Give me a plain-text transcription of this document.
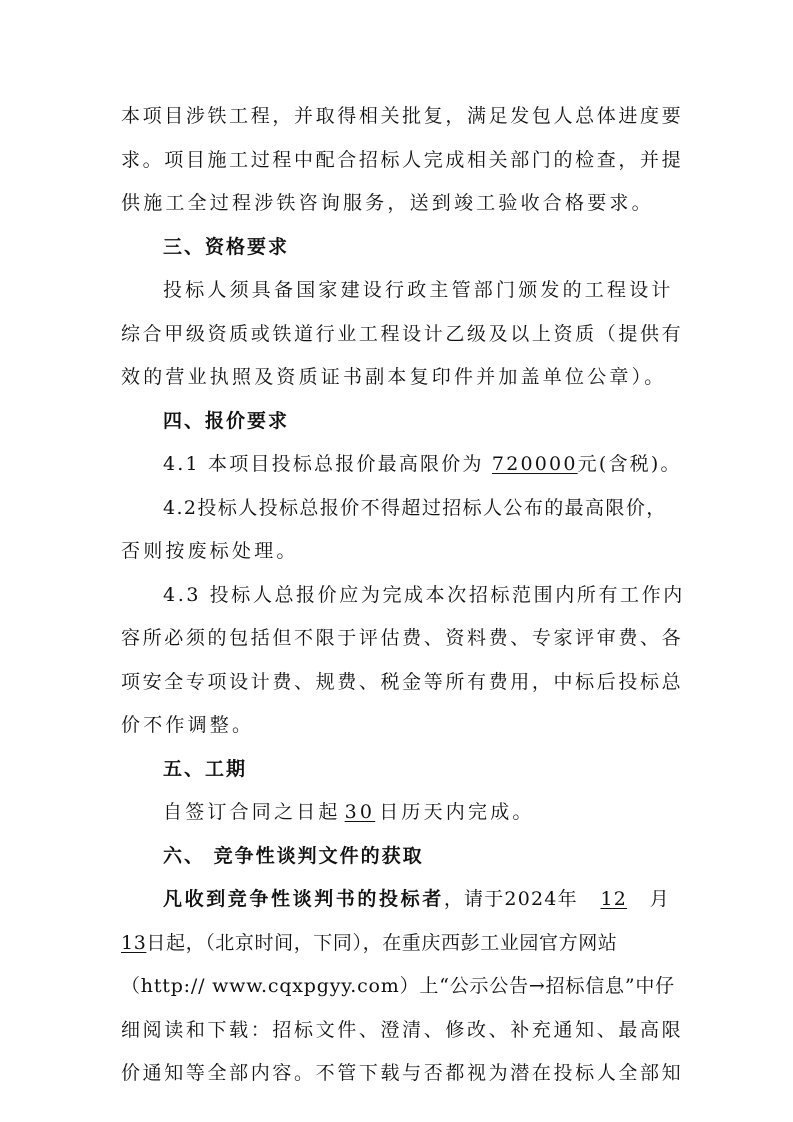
本 项 目 涉 铁 工 程 ， 并 取 得 相 关 批 复 ， 满 足 发 包 人 总 体 进 度 要
求 。 项 目 施 工 过 程 中 配 合 招 标 人 完 成 相 关 部 门 的 检 查 ， 并 提
供施工全过程涉铁咨询服务，送到竣工验收合格要求。
三、资格要求
投标人须具备国家建设行政主管部门颁发的工程设计
综 合 甲 级 资 质 或 铁 道 行 业 工 程 设 计 乙 级 及 以 上 资 质 （ 提 供 有
效的营业执照及资质证书副本复印件并加盖单位公章）。
四、报价要求
4.1 本项目投标总报价最高限价为 720000元(含税)。
4.2投标人投标总报价不得超过招标人公布的最高限价，
否则按废标处理。
4.3 投标人总报价应为完成本次招标范围内所有工作内
容 所 必 须 的 包 括 但 不 限 于 评 估 费 、 资 料 费 、 专 家 评 审 费 、 各
项 安 全 专 项 设 计 费 、 规 费 、 税 金 等 所 有 费 用 ， 中 标 后 投 标 总
价不作调整。
五、工期
自签订合同之日起 30 日历天内完成。
六、 竞争性谈判文件的获取
凡收到竞争性谈判书的投标者，请于2024年 12 月
13日起，（北京时间，下同），在重庆西彭工业园官方网站
（http:// www.cqxpgyy.com）上“公示公告→招标信息”中仔
细 阅 读 和 下 载 ： 招 标 文 件 、 澄 清 、 修 改 、 补 充 通 知 、 最 高 限
价 通 知 等 全 部 内 容 。 不 管 下 载 与 否 都 视 为 潜 在 投 标 人 全 部 知
